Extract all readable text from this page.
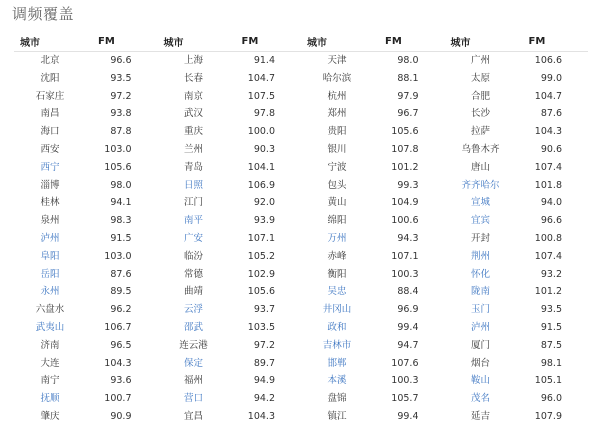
调频覆盖
城市	FM	城市	FM	城市	FM	城市	FM
北京	96.6	上海	91.4	天津	98.0	广州	106.6
沈阳	93.5	长春	104.7	哈尔滨	88.1	太原	99.0
石家庄	97.2	南京	107.5	杭州	97.9	合肥	104.7
南昌	93.8	武汉	97.8	郑州	96.7	长沙	87.6
海口	87.8	重庆	100.0	贵阳	105.6	拉萨	104.3
西安	103.0	兰州	90.3	银川	107.8	乌鲁木齐	90.6
西宁	105.6	青岛	104.1	宁波	101.2	唐山	107.4
淄博	98.0	日照	106.9	包头	99.3	齐齐哈尔	101.8
桂林	94.1	江门	92.0	黄山	104.9	宣城	94.0
泉州	98.3	南平	93.9	绵阳	100.6	宜宾	96.6
泸州	91.5	广安	107.1	万州	94.3	开封	100.8
阜阳	103.0	临汾	105.2	赤峰	107.1	荆州	107.4
岳阳	87.6	常德	102.9	衡阳	100.3	怀化	93.2
永州	89.5	曲靖	105.6	吴忠	88.4	陇南	101.2
六盘水	96.2	云浮	93.7	井冈山	96.9	玉门	93.5
武夷山	106.7	邵武	103.5	政和	99.4	泸州	91.5
济南	96.5	连云港	97.2	吉林市	94.7	厦门	87.5
大连	104.3	保定	89.7	邯郸	107.6	烟台	98.1
南宁	93.6	福州	94.9	本溪	100.3	鞍山	105.1
抚顺	100.7	营口	94.2	盘锦	105.7	茂名	96.0
肇庆	90.9	宜昌	104.3	镇江	99.4	延吉	107.9
